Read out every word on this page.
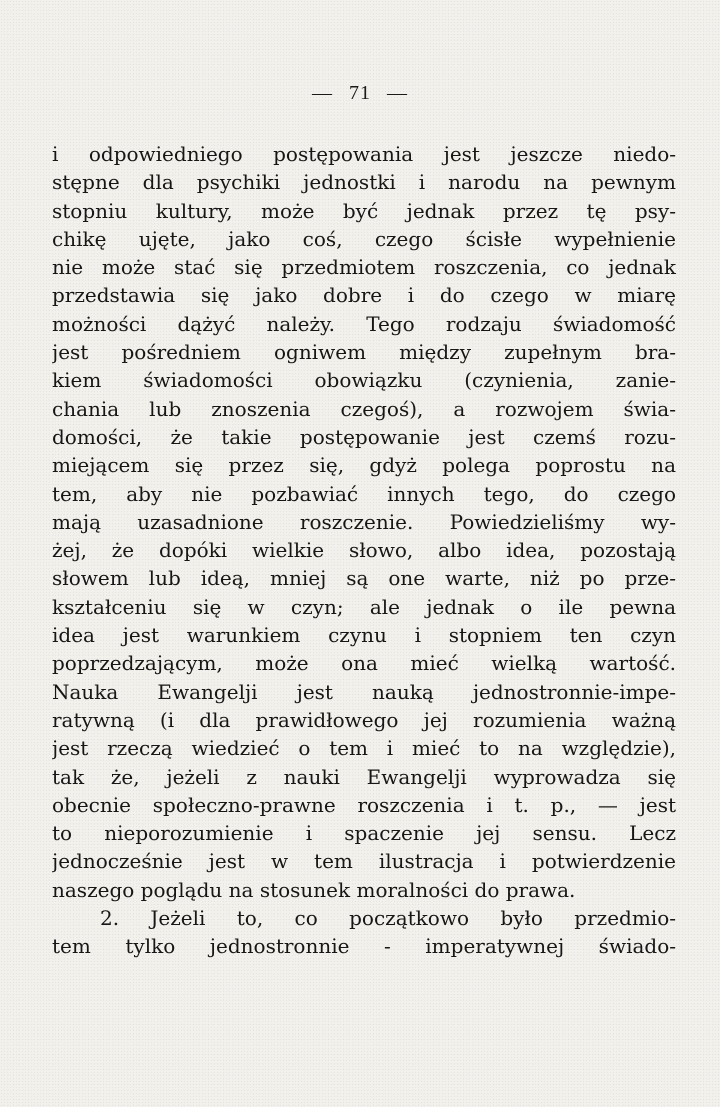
— 71 —
i odpowiedniego postępowania jest jeszcze niedo-
stępne dla psychiki jednostki i narodu na pewnym
stopniu kultury, może być jednak przez tę psy-
chikę ujęte, jako coś, czego ścisłe wypełnienie
nie może stać się przedmiotem roszczenia, co jednak
przedstawia się jako dobre i do czego w miarę
możności dążyć należy. Tego rodzaju świadomość
jest pośredniem ogniwem między zupełnym bra-
kiem świadomości obowiązku (czynienia, zanie-
chania lub znoszenia czegoś), a rozwojem świa-
domości, że takie postępowanie jest czemś rozu-
miejącem się przez się, gdyż polega poprostu na
tem, aby nie pozbawiać innych tego, do czego
mają uzasadnione roszczenie. Powiedzieliśmy wy-
żej, że dopóki wielkie słowo, albo idea, pozostają
słowem lub ideą, mniej są one warte, niż po prze-
kształceniu się w czyn; ale jednak o ile pewna
idea jest warunkiem czynu i stopniem ten czyn
poprzedzającym, może ona mieć wielką wartość.
Nauka Ewangelji jest nauką jednostronnie-impe-
ratywną (i dla prawidłowego jej rozumienia ważną
jest rzeczą wiedzieć o tem i mieć to na względzie),
tak że, jeżeli z nauki Ewangelji wyprowadza się
obecnie społeczno-prawne roszczenia i t. p., — jest
to nieporozumienie i spaczenie jej sensu. Lecz
jednocześnie jest w tem ilustracja i potwierdzenie
naszego poglądu na stosunek moralności do prawa.
2. Jeżeli to, co początkowo było przedmio-
tem tylko jednostronnie - imperatywnej świado-
